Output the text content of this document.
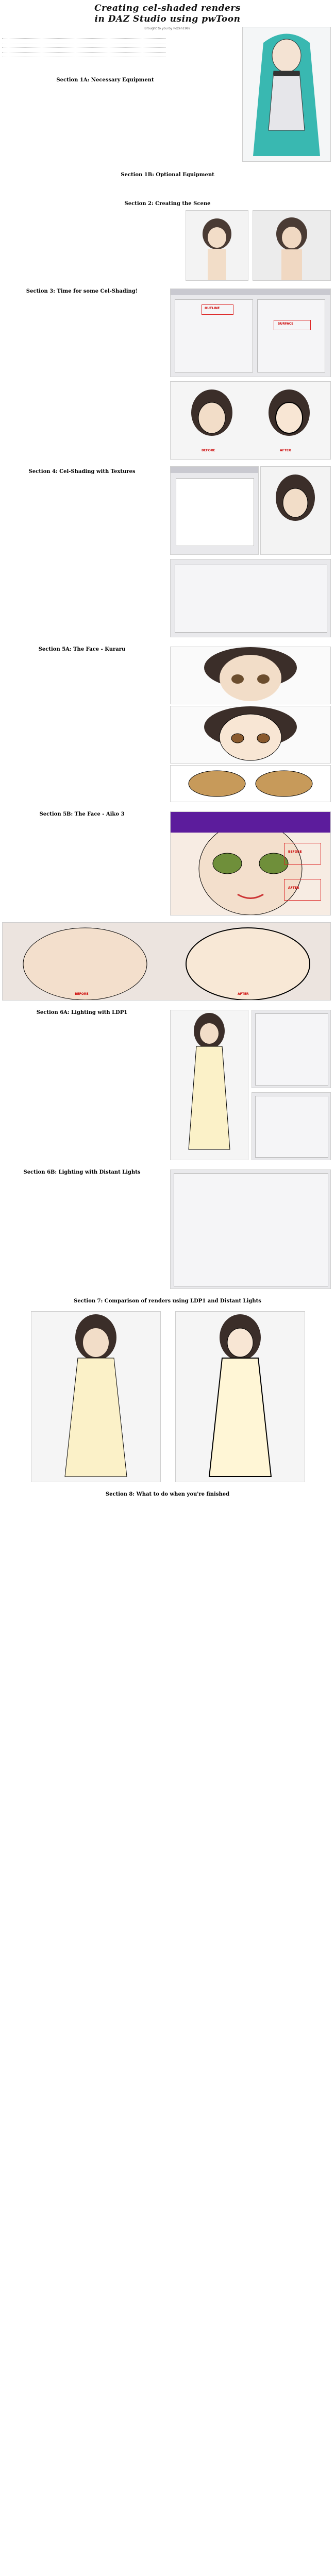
Creating cel-shaded renders
in DAZ Studio using pwToon
Brought to you by Rozen1987
Section 1A: Necessary Equipment
Section 1B: Optional Equipment
Section 2: Creating the Scene
Section 3: Time for some Cel-Shading!
OUTLINE
SURFACE
BEFORE	AFTER
Section 4: Cel-Shading with Textures
Section 5A: The Face - Kuraru
Section 5B: The Face - Aiko 3
BEFORE
AFTER
BEFORE	AFTER
Section 6A: Lighting with LDP1
Section 6B: Lighting with Distant Lights
Section 7: Comparison of renders using LDP1 and Distant Lights
Section 8: What to do when you're finished
